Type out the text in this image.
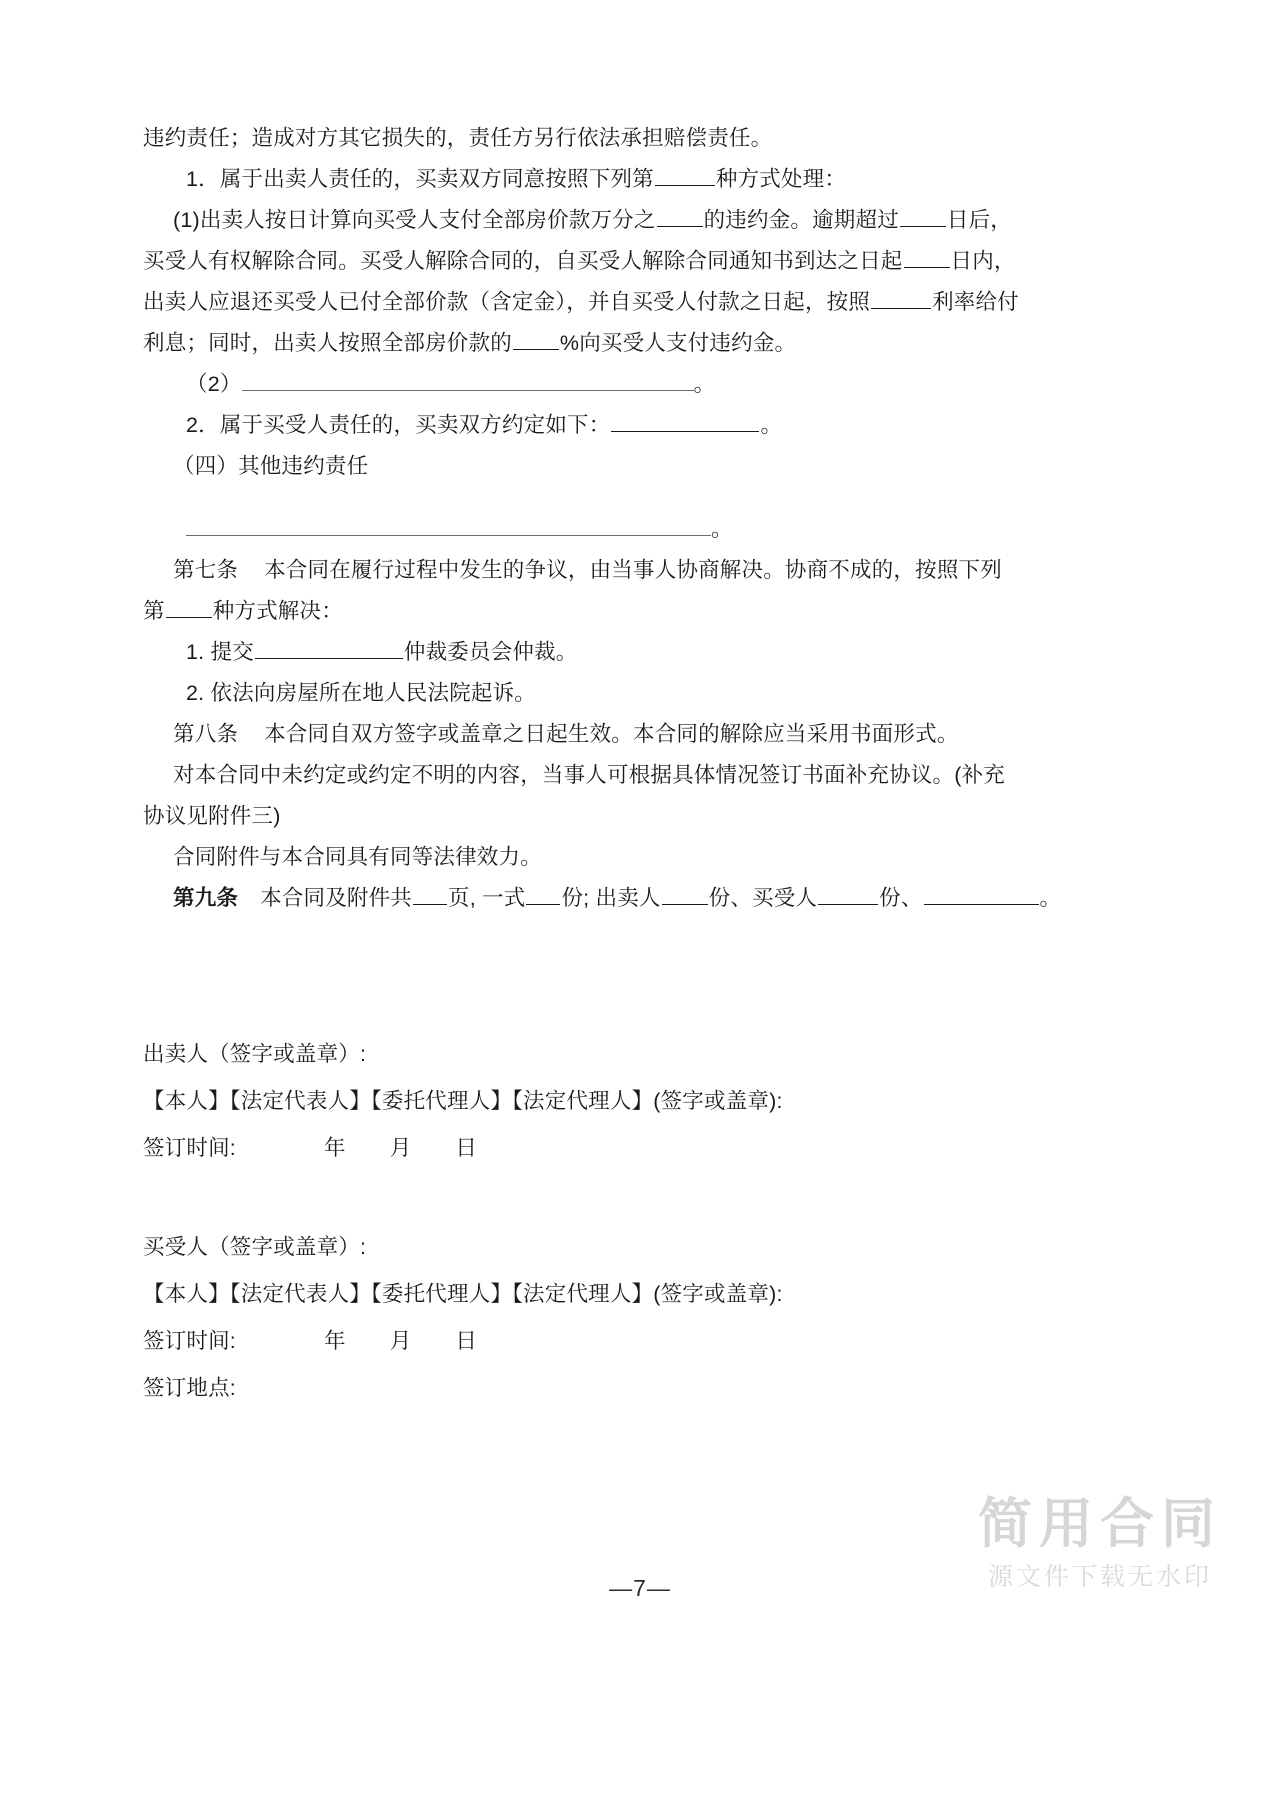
违约责任；造成对方其它损失的，责任方另行依法承担赔偿责任。

1．属于出卖人责任的，买卖双方同意按照下列第	种方式处理：

(1)出卖人按日计算向买受人支付全部房价款万分之 的违约金。逾期超过 日后，

买受人有权解除合同。买受人解除合同的，自买受人解除合同通知书到达之日起 日内，

出卖人应退还买受人已付全部价款（含定金），并自买受人付款之日起，按照	利率给付

利息；同时，出卖人按照全部房价款的 %向买受人支付违约金。

（2）	。

2．属于买受人责任的，买卖双方约定如下：	。

（四）其他违约责任

。

第七条 本合同在履行过程中发生的争议，由当事人协商解决。协商不成的，按照下列

第 种方式解决：

1. 提交	仲裁委员会仲裁。

2. 依法向房屋所在地人民法院起诉。

第八条 本合同自双方签字或盖章之日起生效。本合同的解除应当采用书面形式。

对本合同中未约定或约定不明的内容，当事人可根据具体情况签订书面补充协议。(补充

协议见附件三)

合同附件与本合同具有同等法律效力。

第九条 本合同及附件共 页, 一式 份; 出卖人 份、买受人	份、	。

出卖人（签字或盖章）:

【本人】【法定代表人】【委托代理人】【法定代理人】(签字或盖章):

签订时间:	年 月 日

买受人（签字或盖章）:

【本人】【法定代表人】【委托代理人】【法定代理人】(签字或盖章):

签订时间:	年 月 日

签订地点:

简用合同
源文件下载无水印
—7—
